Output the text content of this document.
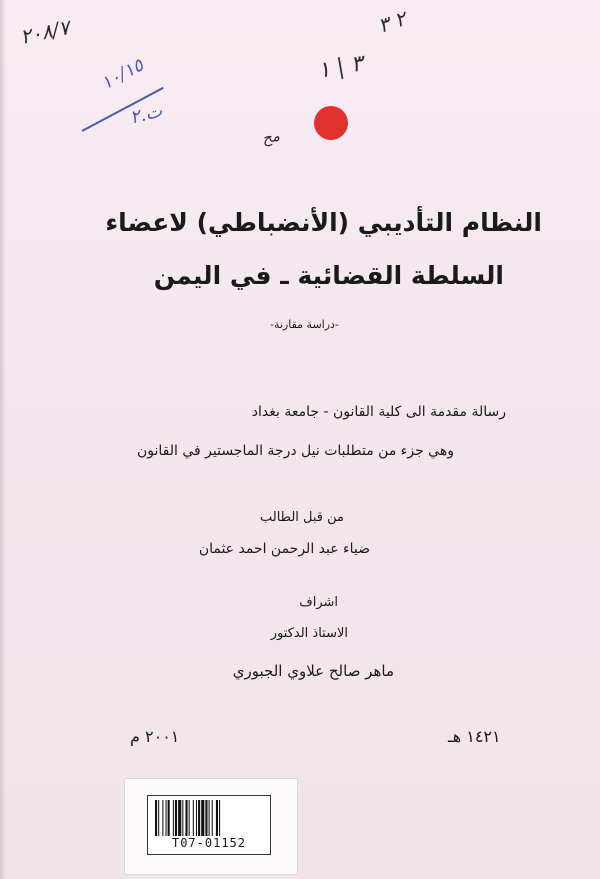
٢٠٨/٧	٢ ٣
٣ | ١
١٠/١٥
ت.٢
مح
النظام التأديبي (الأنضباطي) لاعضاء
السلطة القضائية ـ في اليمن
-دراسة مقارنة-
رسالة مقدمة الى كلية القانون - جامعة بغداد
وهي جزء من متطلبات نيل درجة الماجستير في القانون
من قبل الطالب
ضياء عبد الرحمن احمد عثمان
اشراف
الاستاذ الدكتور
ماهر صالح علاوي الجبوري
١٤٢١ هـ
٢٠٠١ م
T07-01152
